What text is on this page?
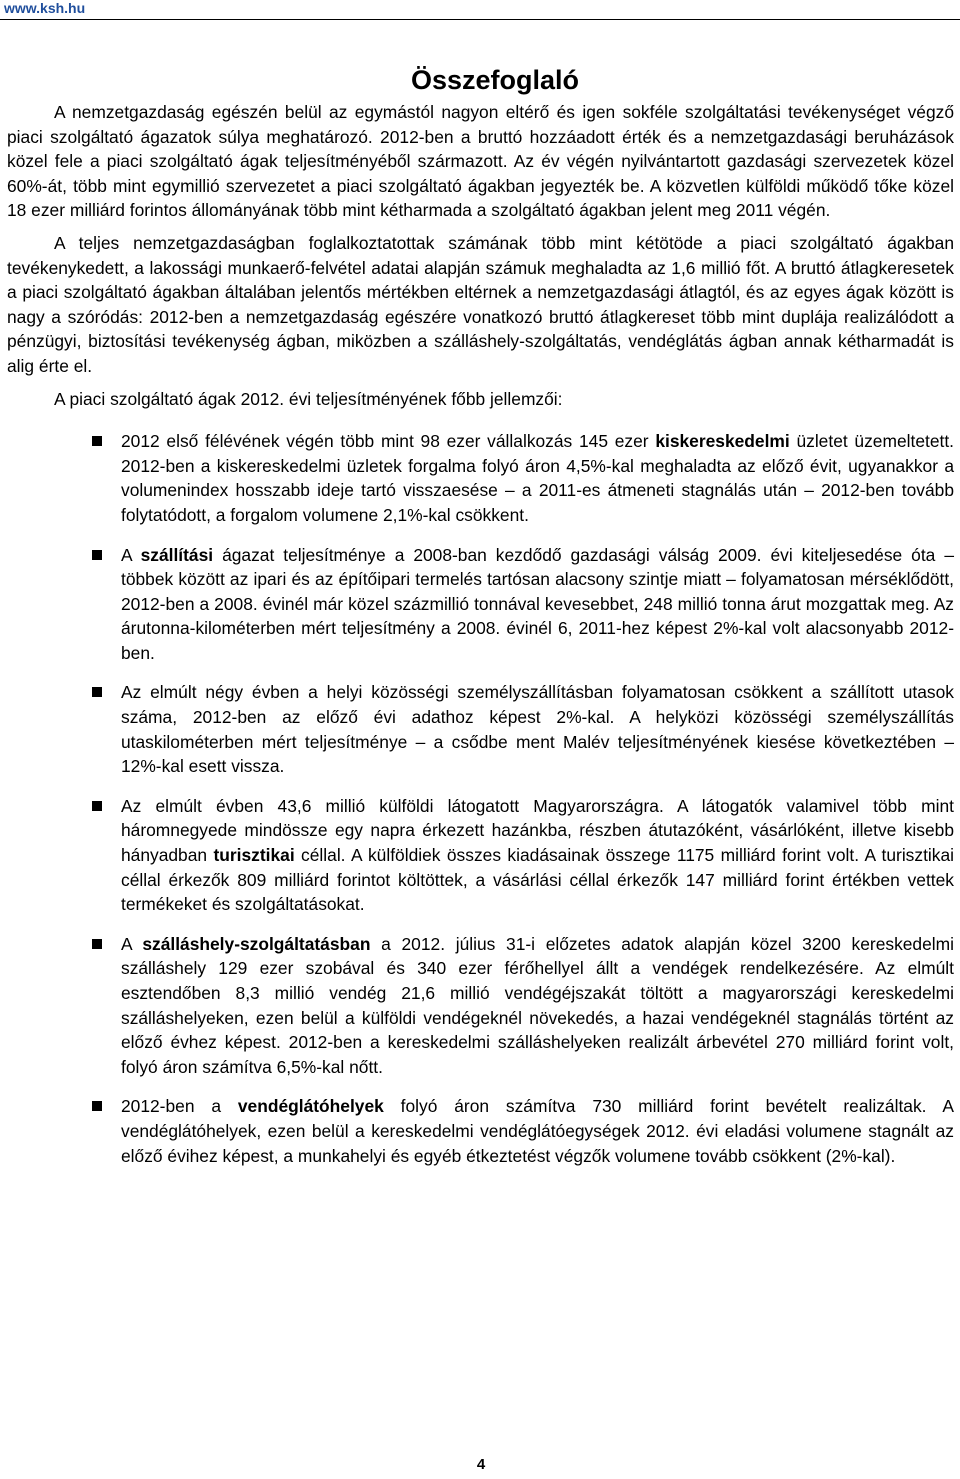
www.ksh.hu
Összefoglaló

A nemzetgazdaság egészén belül az egymástól nagyon eltérő és igen sokféle szolgáltatási tevékenységet végző piaci szolgáltató ágazatok súlya meghatározó. 2012-ben a bruttó hozzáadott érték és a nemzetgazdasági beruházások közel fele a piaci szolgáltató ágak teljesítményéből származott. Az év végén nyilvántartott gazdasági szervezetek közel 60%-át, több mint egymillió szervezetet a piaci szolgáltató ágakban jegyezték be. A közvetlen külföldi működő tőke közel 18 ezer milliárd forintos állományának több mint kétharmada a szolgáltató ágakban jelent meg 2011 végén.

A teljes nemzetgazdaságban foglalkoztatottak számának több mint kétötöde a piaci szolgáltató ágakban tevékenykedett, a lakossági munkaerő-felvétel adatai alapján számuk meghaladta az 1,6 millió főt. A bruttó átlagkeresetek a piaci szolgáltató ágakban általában jelentős mértékben eltérnek a nemzetgazdasági átlagtól, és az egyes ágak között is nagy a szóródás: 2012-ben a nemzetgazdaság egészére vonatkozó bruttó átlagkereset több mint duplája realizálódott a pénzügyi, biztosítási tevékenység ágban, miközben a szálláshely-szolgáltatás, vendéglátás ágban annak kétharmadát is alig érte el.

A piaci szolgáltató ágak 2012. évi teljesítményének főbb jellemzői:

2012 első félévének végén több mint 98 ezer vállalkozás 145 ezer kiskereskedelmi üzletet üzemeltetett. 2012-ben a kiskereskedelmi üzletek forgalma folyó áron 4,5%-kal meghaladta az előző évit, ugyanakkor a volumenindex hosszabb ideje tartó visszaesése – a 2011-es átmeneti stagnálás után – 2012-ben tovább folytatódott, a forgalom volumene 2,1%-kal csökkent.
A szállítási ágazat teljesítménye a 2008-ban kezdődő gazdasági válság 2009. évi kiteljesedése óta – többek között az ipari és az építőipari termelés tartósan alacsony szintje miatt – folyamatosan mérséklődött, 2012-ben a 2008. évinél már közel százmillió tonnával kevesebbet, 248 millió tonna árut mozgattak meg. Az árutonna-kilométerben mért teljesítmény a 2008. évinél 6, 2011-hez képest 2%-kal volt alacsonyabb 2012-ben.
Az elmúlt négy évben a helyi közösségi személyszállításban folyamatosan csökkent a szállított utasok száma, 2012-ben az előző évi adathoz képest 2%-kal. A helyközi közösségi személyszállítás utaskilométerben mért teljesítménye – a csődbe ment Malév teljesítményének kiesése következtében – 12%-kal esett vissza.
Az elmúlt évben 43,6 millió külföldi látogatott Magyarországra. A látogatók valamivel több mint háromnegyede mindössze egy napra érkezett hazánkba, részben átutazóként, vásárlóként, illetve kisebb hányadban turisztikai céllal. A külföldiek összes kiadásainak összege 1175 milliárd forint volt. A turisztikai céllal érkezők 809 milliárd forintot költöttek, a vásárlási céllal érkezők 147 milliárd forint értékben vettek termékeket és szolgáltatásokat.
A szálláshely-szolgáltatásban a 2012. július 31-i előzetes adatok alapján közel 3200 kereskedelmi szálláshely 129 ezer szobával és 340 ezer férőhellyel állt a vendégek rendelkezésére. Az elmúlt esztendőben 8,3 millió vendég 21,6 millió vendégéjszakát töltött a magyarországi kereskedelmi szálláshelyeken, ezen belül a külföldi vendégeknél növekedés, a hazai vendégeknél stagnálás történt az előző évhez képest. 2012-ben a kereskedelmi szálláshelyeken realizált árbevétel 270 milliárd forint volt, folyó áron számítva 6,5%-kal nőtt.
2012-ben a vendéglátóhelyek folyó áron számítva 730 milliárd forint bevételt realizáltak. A vendéglátóhelyek, ezen belül a kereskedelmi vendéglátóegységek 2012. évi eladási volumene stagnált az előző évihez képest, a munkahelyi és egyéb étkeztetést végzők volumene tovább csökkent (2%-kal).
4
